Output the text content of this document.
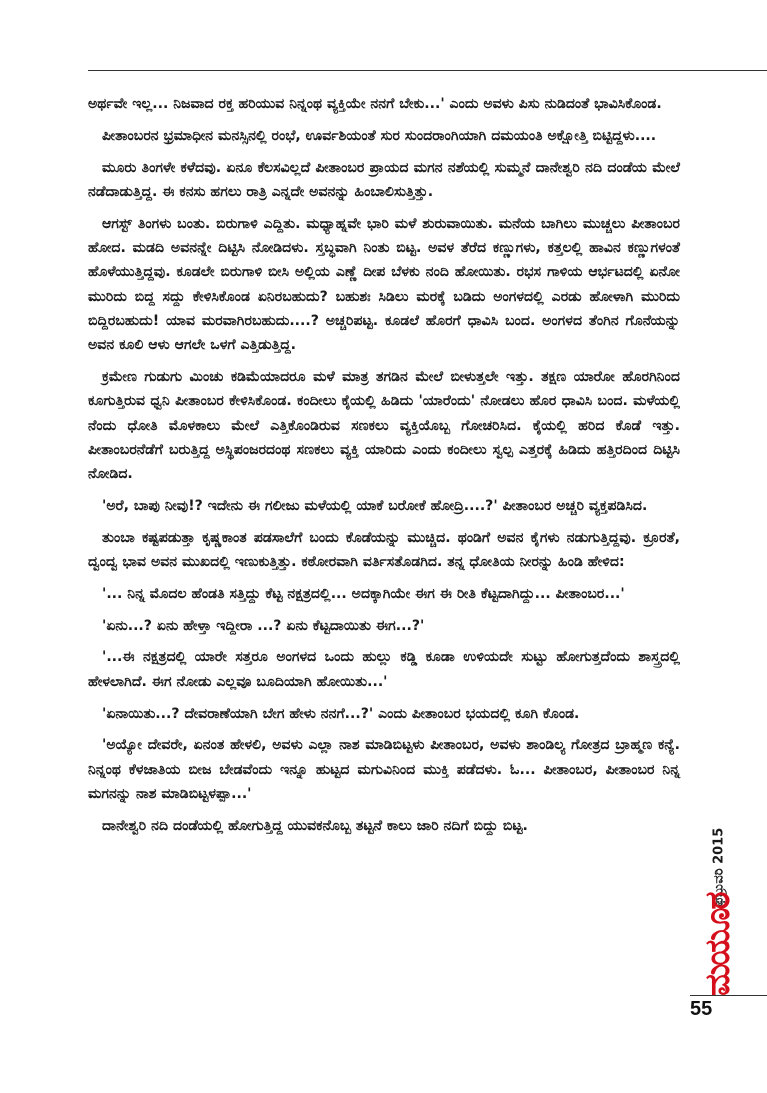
ಅರ್ಥವೇ ಇಲ್ಲ... ನಿಜವಾದ ರಕ್ತ ಹರಿಯುವ ನಿನ್ನಂಥ ವ್ಯಕ್ತಿಯೇ ನನಗೆ ಬೇಕು...' ಎಂದು ಅವಳು ಪಿಸು ನುಡಿದಂತೆ ಭಾವಿಸಿಕೊಂಡ.

ಪೀತಾಂಬರನ ಭ್ರಮಾಧೀನ ಮನಸ್ಸಿನಲ್ಲಿ ರಂಭೆ, ಊರ್ವಶಿಯಂತೆ ಸುರ ಸುಂದರಾಂಗಿಯಾಗಿ ದಮಯಂತಿ ಅಕ್ಷೋತ್ತಿ ಬಿಟ್ಟಿದ್ದಳು....

ಮೂರು ತಿಂಗಳೇ ಕಳೆದವು. ಏನೂ ಕೆಲಸವಿಲ್ಲದೆ ಪೀತಾಂಬರ ಪ್ರಾಯದ ಮಗನ ನಶೆಯಲ್ಲಿ ಸುಮ್ಮನೆ ದಾನೇಶ್ವರಿ ನದಿ ದಂಡೆಯ ಮೇಲೆ ನಡೆದಾಡುತ್ತಿದ್ದ. ಈ ಕನಸು ಹಗಲು ರಾತ್ರಿ ಎನ್ನದೇ ಅವನನ್ನು ಹಿಂಬಾಲಿಸುತ್ತಿತ್ತು.

ಆಗಸ್ಟ್ ತಿಂಗಳು ಬಂತು. ಬಿರುಗಾಳಿ ಎದ್ದಿತು. ಮಧ್ಯಾಹ್ನವೇ ಭಾರಿ ಮಳೆ ಶುರುವಾಯಿತು. ಮನೆಯ ಬಾಗಿಲು ಮುಚ್ಚಲು ಪೀತಾಂಬರ ಹೋದ. ಮಡದಿ ಅವನನ್ನೇ ದಿಟ್ಟಿಸಿ ನೋಡಿದಳು. ಸ್ತಬ್ಧವಾಗಿ ನಿಂತು ಬಿಟ್ಟ. ಅವಳ ತೆರೆದ ಕಣ್ಣುಗಳು, ಕತ್ತಲಲ್ಲಿ ಹಾವಿನ ಕಣ್ಣುಗಳಂತೆ ಹೊಳೆಯುತ್ತಿದ್ದವು. ಕೂಡಲೇ ಬಿರುಗಾಳಿ ಬೀಸಿ ಅಲ್ಲಿಯ ಎಣ್ಣೆ ದೀಪ ಬೆಳಕು ನಂದಿ ಹೋಯಿತು. ರಭಸ ಗಾಳಿಯ ಆರ್ಭಟದಲ್ಲಿ ಏನೋ ಮುರಿದು ಬಿದ್ದ ಸದ್ದು ಕೇಳಿಸಿಕೊಂಡ ಏನಿರಬಹುದು? ಬಹುಶಃ ಸಿಡಿಲು ಮರಕ್ಕೆ ಬಡಿದು ಅಂಗಳದಲ್ಲಿ ಎರಡು ಹೋಳಾಗಿ ಮುರಿದು ಬಿದ್ದಿರಬಹುದು! ಯಾವ ಮರವಾಗಿರಬಹುದು....? ಅಚ್ಚರಿಪಟ್ಟ. ಕೂಡಲೆ ಹೊರಗೆ ಧಾವಿಸಿ ಬಂದ. ಅಂಗಳದ ತೆಂಗಿನ ಗೊನೆಯನ್ನು ಅವನ ಕೂಲಿ ಆಳು ಆಗಲೇ ಒಳಗೆ ಎತ್ತಿಡುತ್ತಿದ್ದ.

ಕ್ರಮೇಣ ಗುಡುಗು ಮಿಂಚು ಕಡಿಮೆಯಾದರೂ ಮಳೆ ಮಾತ್ರ ತಗಡಿನ ಮೇಲೆ ಬೀಳುತ್ತಲೇ ಇತ್ತು. ತಕ್ಷಣ ಯಾರೋ ಹೊರಗಿನಿಂದ ಕೂಗುತ್ತಿರುವ ಧ್ವನಿ ಪೀತಾಂಬರ ಕೇಳಿಸಿಕೊಂಡ. ಕಂದೀಲು ಕೈಯಲ್ಲಿ ಹಿಡಿದು 'ಯಾರೆಂದು' ನೋಡಲು ಹೊರ ಧಾವಿಸಿ ಬಂದ. ಮಳೆಯಲ್ಲಿ ನೆಂದು ಧೋತಿ ಮೊಳಕಾಲು ಮೇಲೆ ಎತ್ತಿಕೊಂಡಿರುವ ಸಣಕಲು ವ್ಯಕ್ತಿಯೊಬ್ಬ ಗೋಚರಿಸಿದ. ಕೈಯಲ್ಲಿ ಹರಿದ ಕೊಡೆ ಇತ್ತು. ಪೀತಾಂಬರನೆಡೆಗೆ ಬರುತ್ತಿದ್ದ ಅಸ್ಥಿಪಂಜರದಂಥ ಸಣಕಲು ವ್ಯಕ್ತಿ ಯಾರಿದು ಎಂದು ಕಂದೀಲು ಸ್ವಲ್ಪ ಎತ್ತರಕ್ಕೆ ಹಿಡಿದು ಹತ್ತಿರದಿಂದ ದಿಟ್ಟಿಸಿ ನೋಡಿದ.

'ಅರೆ, ಬಾಪು ನೀವು!? ಇದೇನು ಈ ಗಲೀಜು ಮಳೆಯಲ್ಲಿ ಯಾಕೆ ಬರೋಕೆ ಹೋದ್ರಿ....?' ಪೀತಾಂಬರ ಅಚ್ಚರಿ ವ್ಯಕ್ತಪಡಿಸಿದ.

ತುಂಬಾ ಕಷ್ಟಪಡುತ್ತಾ ಕೃಷ್ಣಕಾಂತ ಪಡಸಾಲೆಗೆ ಬಂದು ಕೊಡೆಯನ್ನು ಮುಚ್ಚಿದ. ಥಂಡಿಗೆ ಅವನ ಕೈಗಳು ನಡುಗುತ್ತಿದ್ದವು. ಕ್ರೂರತೆ, ದ್ವಂದ್ವ ಭಾವ ಅವನ ಮುಖದಲ್ಲಿ ಇಣುಕುತ್ತಿತ್ತು. ಕಠೋರವಾಗಿ ವರ್ತಿಸತೊಡಗಿದ. ತನ್ನ ಧೋತಿಯ ನೀರನ್ನು ಹಿಂಡಿ ಹೇಳಿದ:

'... ನಿನ್ನ ಮೊದಲ ಹೆಂಡತಿ ಸತ್ತಿದ್ದು ಕೆಟ್ಟ ನಕ್ಷತ್ರದಲ್ಲಿ... ಅದಕ್ಕಾಗಿಯೇ ಈಗ ಈ ರೀತಿ ಕೆಟ್ಟದಾಗಿದ್ದು... ಪೀತಾಂಬರ...'

'ಏನು...? ಏನು ಹೇಳ್ತಾ ಇದ್ದೀರಾ ...? ಏನು ಕೆಟ್ಟದಾಯಿತು ಈಗ...?'

'...ಈ ನಕ್ಷತ್ರದಲ್ಲಿ ಯಾರೇ ಸತ್ತರೂ ಅಂಗಳದ ಒಂದು ಹುಲ್ಲು ಕಡ್ಡಿ ಕೂಡಾ ಉಳಿಯದೇ ಸುಟ್ಟು ಹೋಗುತ್ತದೆಂದು ಶಾಸ್ತ್ರದಲ್ಲಿ ಹೇಳಲಾಗಿದೆ. ಈಗ ನೋಡು ಎಲ್ಲವೂ ಬೂದಿಯಾಗಿ ಹೋಯಿತು...'

'ಏನಾಯಿತು...? ದೇವರಾಣೆಯಾಗಿ ಬೇಗ ಹೇಳು ನನಗೆ...?' ಎಂದು ಪೀತಾಂಬರ ಭಯದಲ್ಲಿ ಕೂಗಿ ಕೊಂಡ.

'ಅಯ್ಯೋ ದೇವರೇ, ಏನಂತ ಹೇಳಲಿ, ಅವಳು ಎಲ್ಲಾ ನಾಶ ಮಾಡಿಬಿಟ್ಟಳು ಪೀತಾಂಬರ, ಅವಳು ಶಾಂಡಿಲ್ಯ ಗೋತ್ರದ ಬ್ರಾಹ್ಮಣ ಕನ್ಯೆ. ನಿನ್ನಂಥ ಕೆಳಜಾತಿಯ ಬೀಜ ಬೇಡವೆಂದು ಇನ್ನೂ ಹುಟ್ಟದ ಮಗುವಿನಿಂದ ಮುಕ್ತಿ ಪಡೆದಳು. ಓ... ಪೀತಾಂಬರ, ಪೀತಾಂಬರ ನಿನ್ನ ಮಗನನ್ನು ನಾಶ ಮಾಡಿಬಿಟ್ಟಳಪ್ಪಾ...'

ದಾನೇಶ್ವರಿ ನದಿ ದಂಡೆಯಲ್ಲಿ ಹೋಗುತ್ತಿದ್ದ ಯುವಕನೊಬ್ಬ ತಟ್ಟನೆ ಕಾಲು ಜಾರಿ ನದಿಗೆ ಬಿದ್ದು ಬಿಟ್ಟ.

ಫೆಬ್ರುವರಿ 2015
ಮಯೂರ
55
